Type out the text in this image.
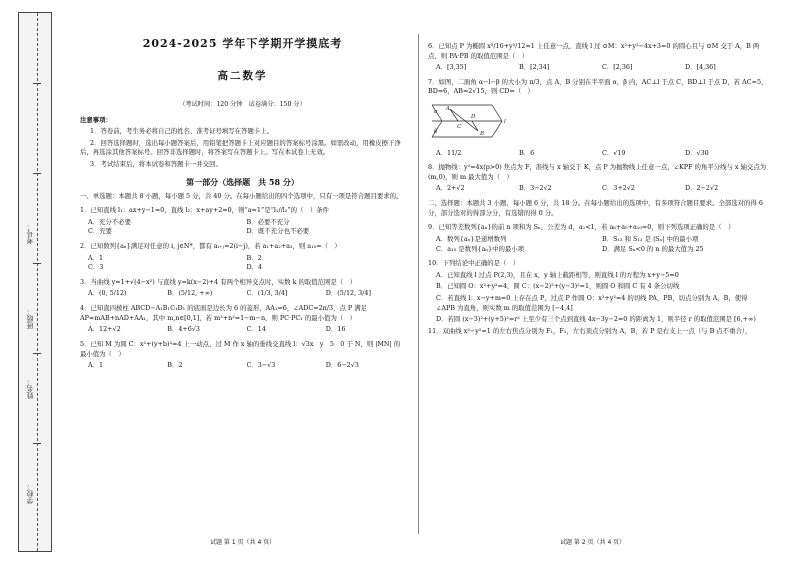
学校：
姓名：
班级：
考号：
2024-2025 学年下学期开学摸底考
高二数学
（考试时间：120 分钟　试卷满分：150 分）
注意事项：

1．答卷前，考生务必将自己的姓名、准考证号填写在答题卡上。

2．回答选择题时，选出每小题答案后，用铅笔把答题卡上对应题目的答案标号涂黑。如需改动，用橡皮擦干净后，再选涂其他答案标号。回答非选择题时，将答案写在答题卡上。写在本试卷上无效。

3．考试结束后，将本试卷和答题卡一并交回。

第一部分（选择题　共 58 分）
一、单选题：本题共 8 小题，每小题 5 分，共 40 分。在每小题给出的四个选项中，只有一项是符合题目要求的。
1．已知直线 l₁：ax+y−1=0，直线 l₂：x+ay+2=0，则“a=1”是“l₁//l₂”的（　）条件
A．充分不必要	B．必要不充分
C．充要	D．既不充分也不必要
2．已知数列{aₙ}满足对任意的 i, j∈N*，都有 aᵢ₊ⱼ=2(i−j)，若 a₁+a₂+a₃，则 a₁₀=（　）
A．1	B．2
C．3	D．4
3．当曲线 y=1+√(4−x²) 与直线 y=k(x−2)+4 有两个相异交点时，实数 k 的取值范围是（　）
A．(0, 5/12)	B．(5/12, +∞)	C．(1/3, 3/4]	D．(5/12, 3/4]
4．已知直四棱柱 ABCD−A₁B₁C₁D₁ 的底面是边长为 6 的菱形，AA₁=6，∠ADC=2π/3，点 P 满足 AP=mAB+nAD+AA₁，其中 m,n∈[0,1]，若 m²+n²=1−m−n，则 PC·PC₁ 的最小值为（　）
A．12+√2	B．4+6√3	C．14	D．16
5．已知 M 为圆 C：x²+(y+b)²=4 上一动点，过 M 作 x 轴的垂线交直线 l：√3x　y　5　0 于 N，则 |MN| 的最小值为（　）
A．1	B．2	C．3−√3	D．6−2√3
6．已知点 P 为椭圆 x²/16+y²/12=1 上任意一点，直线 l 过 ⊙M：x²+y²−4x+3=0 的圆心且与 ⊙M 交于 A，B 两点，则 PA·PB 的取值范围是（　）
A．[3,35]	B．[2,34]	C．[2,36]	D．[4,36]
7．如图，二面角 α−l−β 的大小为 π/3，点 A，B 分别在半平面 α，β 内，AC⊥l 于点 C，BD⊥l 于点 D，若 AC=5，BD=6，AB=2√15，则 CD=（　）
A
C
D
B
l
α
β
A．11/2	B．6	C．√19	D．√30
8．抛物线：y²=4x(p>0) 焦点为 F，准线与 x 轴交于 K，点 P 为抛物线上任意一点，∠KPF 的角平分线与 x 轴交点为 (m,0)，则 m 最大值为（　）
A．2+√2	B．3−2√2	C．3+2√2	D．2−2√2
二、选择题：本题共 3 小题，每小题 6 分，共 18 分。在每小题给出的选项中，有多项符合题目要求。全部选对的得 6 分，部分选对的得部分分，有选错的得 0 分。
9．已知等差数列{aₙ}的前 n 项和为 Sₙ，公差为 d，a₁<1，若 a₆+a₉+a₁₀=0，则下列选项正确的是（　）
A．数列{aₙ}是递增数列	B．S₁₂ 和 S₁₃ 是 |Sₙ| 中的最小项
C．a₁₅ 是数列{aₙ}中的最小项	D．满足 Sₙ<0 的 n 的最大值为 25
10．下列结论中正确的是（　）
A．已知直线 l 过点 P(2,3)，且在 x，y 轴上截距相等，则直线 l 的方程为 x+y−5=0
B．已知圆 O：x²+y²=4，圆 C：(x−2)²+(y−3)²=1，则圆 O 和圆 C 有 4 条公切线
C．若直线 l：x−y+m=0 上存在点 P，过点 P 作圆 O：x²+y²=4 的切线 PA，PB，切点分别为 A，B，使得 ∠APB 为直角，则实数 m 的取值范围为 [−4,4]
D．若圆 (x−3)²+(y+5)²=r² 上至少有三个点到直线 4x−3y−2=0 的距离为 1，则半径 r 的取值范围是 [6,+∞)
11．双曲线 x²−y²=1 的左右焦点分别为 F₁，F₂，左右顶点分别为 A，B，若 P 是右支上一点（与 B 点不重合），
试题 第 1 页（共 4 页）	试题 第 2 页（共 4 页）
